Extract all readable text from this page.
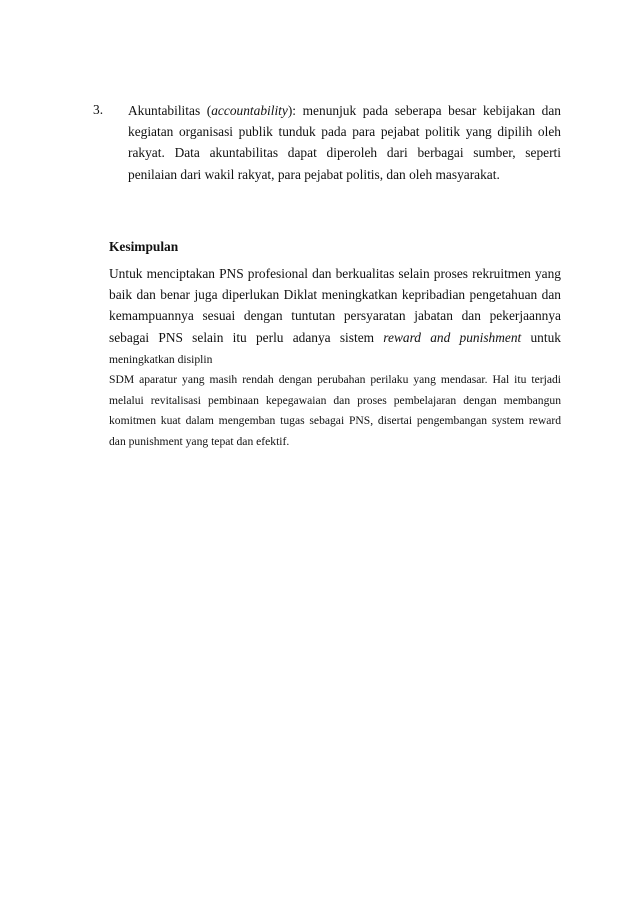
3. Akuntabilitas (accountability): menunjuk pada seberapa besar kebijakan dan kegiatan organisasi publik tunduk pada para pejabat politik yang dipilih oleh rakyat. Data akuntabilitas dapat diperoleh dari berbagai sumber, seperti penilaian dari wakil rakyat, para pejabat politis, dan oleh masyarakat.
Kesimpulan

Untuk menciptakan PNS profesional dan berkualitas selain proses rekruitmen yang baik dan benar juga diperlukan Diklat meningkatkan kepribadian pengetahuan dan kemampuannya sesuai dengan tuntutan persyaratan jabatan dan pekerjaannya sebagai PNS selain itu perlu adanya sistem reward and punishment untuk meningkatkan disiplin

SDM aparatur yang masih rendah dengan perubahan perilaku yang mendasar. Hal itu terjadi melalui revitalisasi pembinaan kepegawaian dan proses pembelajaran dengan membangun komitmen kuat dalam mengemban tugas sebagai PNS, disertai pengembangan system reward dan punishment yang tepat dan efektif.
